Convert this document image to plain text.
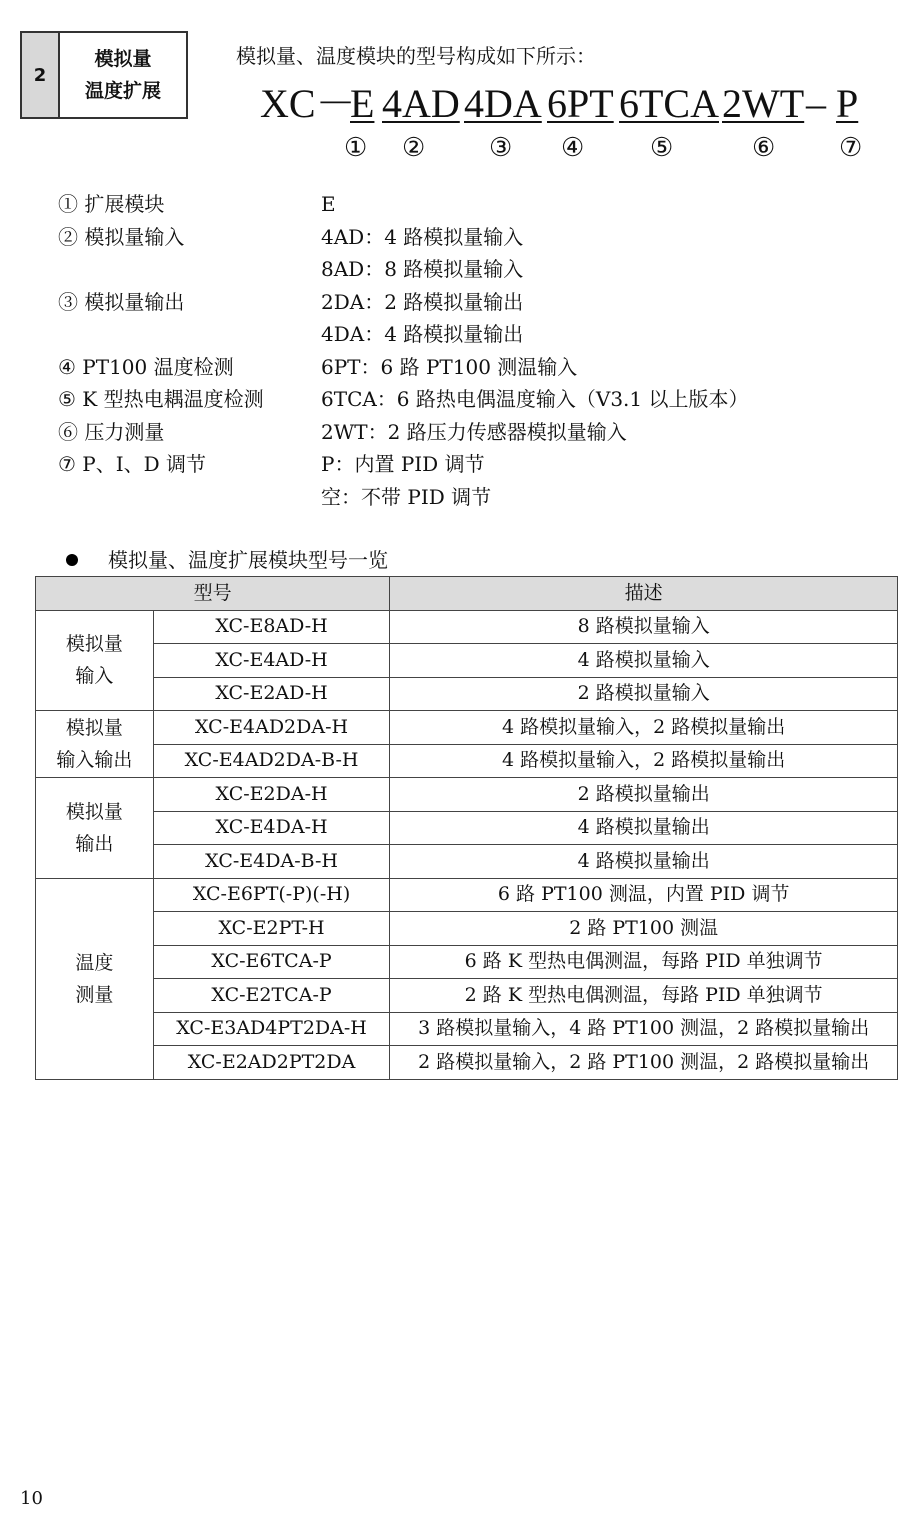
2
模拟量
温度扩展
模拟量、温度模块的型号构成如下所示：
XC－
E 4AD 4DA 6PT 6TCA 2WT – P
① ② ③ ④	⑤	⑥ ⑦
① 扩展模块	E
② 模拟量输入	4AD：4 路模拟量输入
8AD：8 路模拟量输入
③ 模拟量输出	2DA：2 路模拟量输出
4DA：4 路模拟量输出
④ PT100 温度检测	6PT：6 路 PT100 测温输入
⑤ K 型热电耦温度检测	6TCA：6 路热电偶温度输入（V3.1 以上版本）
⑥ 压力测量	2WT：2 路压力传感器模拟量输入
⑦ P、I、D 调节	P：内置 PID 调节
空：不带 PID 调节
模拟量、温度扩展模块型号一览
型号		描述

模拟量
输入	XC-E8AD-H	8 路模拟量输入
	XC-E4AD-H	4 路模拟量输入
	XC-E2AD-H	2 路模拟量输入

模拟量
输入输出	XC-E4AD2DA-H	4 路模拟量输入，2 路模拟量输出
	XC-E4AD2DA-B-H	4 路模拟量输入，2 路模拟量输出

模拟量
输出	XC-E2DA-H	2 路模拟量输出
	XC-E4DA-H	4 路模拟量输出
	XC-E4DA-B-H	4 路模拟量输出

温度
测量	XC-E6PT(-P)(-H)	6 路 PT100 测温，内置 PID 调节
	XC-E2PT-H	2 路 PT100 测温
	XC-E6TCA-P	6 路 K 型热电偶测温，每路 PID 单独调节
	XC-E2TCA-P	2 路 K 型热电偶测温，每路 PID 单独调节
	XC-E3AD4PT2DA-H	3 路模拟量输入，4 路 PT100 测温，2 路模拟量输出
	XC-E2AD2PT2DA	2 路模拟量输入，2 路 PT100 测温，2 路模拟量输出
10
